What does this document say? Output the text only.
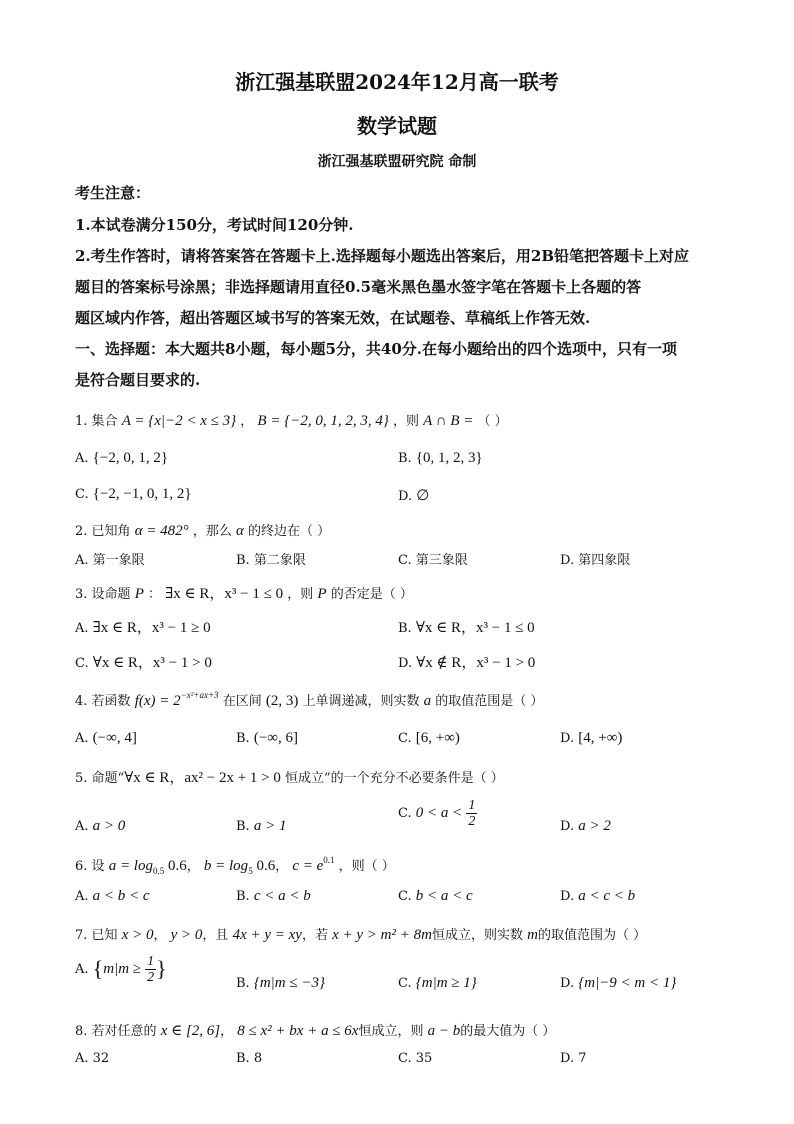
浙江强基联盟2024年12月高一联考
数学试题
浙江强基联盟研究院 命制
考生注意：
1.本试卷满分150分，考试时间120分钟.
2.考生作答时，请将答案答在答题卡上.选择题每小题选出答案后，用2B铅笔把答题卡上对应
题目的答案标号涂黑；非选择题请用直径0.5毫米黑色墨水签字笔在答题卡上各题的答
题区域内作答，超出答题区域书写的答案无效，在试题卷、草稿纸上作答无效.
一、选择题：本大题共8小题，每小题5分，共40分.在每小题给出的四个选项中，只有一项
是符合题目要求的.
1. 集合 A = {x|−2 < x ≤ 3} ， B = {−2, 0, 1, 2, 3, 4} ，则 A ∩ B = （ ）
A. {−2, 0, 1, 2}	B. {0, 1, 2, 3}
C. {−2, −1, 0, 1, 2}	D. ∅
2. 已知角 α = 482° ，那么 α 的终边在（ ）
A. 第一象限	B. 第二象限	C. 第三象限	D. 第四象限
3. 设命题 P ： ∃x ∈ R，x³ − 1 ≤ 0 ，则 P 的否定是（ ）
A. ∃x ∈ R，x³ − 1 ≥ 0	B. ∀x ∈ R，x³ − 1 ≤ 0
C. ∀x ∈ R，x³ − 1 > 0	D. ∀x ∉ R，x³ − 1 > 0
4. 若函数 $f(x) = 2^{-x^2+ax+3}$ 在区间 (2, 3) 上单调递减，则实数 a 的取值范围是（ ）
A. (−∞, 4]	B. (−∞, 6]	C. [6, +∞)	D. [4, +∞)
5. 命题“∀x ∈ R，ax² − 2x + 1 > 0 恒成立”的一个充分不必要条件是（ ）
A. a > 0	B. a > 1
C. $0 < a < \frac{1}{2}$	D. a > 2
6. 设 $a = \log_{0.5} 0.6$， $b = \log_5 0.6$， $c = e^{0.1}$ ，则（ ）
A. a < b < c	B. c < a < b	C. b < a < c	D. a < c < b
7. 已知 x > 0， y > 0，且 4x + y = xy，若 x + y > m² + 8m恒成立，则实数 m的取值范围为（ ）
A. {$m|m \ge \frac{1}{2}$ }
B. {m|m ≤ −3}	C. {m|m ≥ 1}	D. {m|−9 < m < 1}
8. 若对任意的 x ∈ [2, 6]， 8 ≤ x² + bx + a ≤ 6x恒成立，则 a − b的最大值为（ ）
A. 32	B. 8	C. 35	D. 7
